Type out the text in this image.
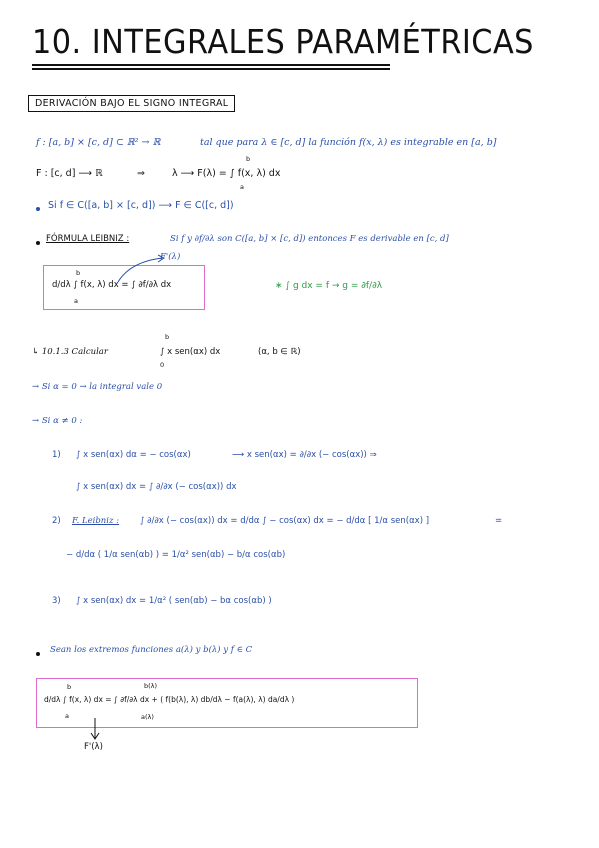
10. INTEGRALES PARAMÉTRICAS
DERIVACIÓN BAJO EL SIGNO INTEGRAL
f : [a, b] × [c, d] ⊂ ℝ² → ℝ	tal que para λ ∈ [c, d] la función f(x, λ) es integrable en [a, b]
F : [c, d] ⟶ ℝ	⇒	λ ⟶ F(λ) = ∫ f(x, λ) dx
b
a
Si f ∈ C([a, b] × [c, d]) ⟶ F ∈ C([c, d])
FÓRMULA LEIBNIZ :	Si f y ∂f/∂λ son C([a, b] × [c, d]) entonces F es derivable en [c, d]
F'(λ)
d/dλ ∫ f(x, λ) dx = ∫ ∂f/∂λ dx
b
a
∗ ∫ g dx = f → g = ∂f/∂λ
↳ 10.1.3 Calcular	∫ x sen(αx) dx
b
0
(α, b ∈ ℝ)
→ Si α = 0 → la integral vale 0
→ Si α ≠ 0 :
1) ∫ x sen(αx) dα = − cos(αx)	⟶ x sen(αx) = ∂/∂x (− cos(αx)) ⇒
∫ x sen(αx) dx = ∫ ∂/∂x (− cos(αx)) dx
2) F. Leibniz : ∫ ∂/∂x (− cos(αx)) dx = d/dα ∫ − cos(αx) dx = − d/dα [ 1/α sen(αx) ]	=
− d/dα ( 1/α sen(αb) ) = 1/α² sen(αb) − b/α cos(αb)
3) ∫ x sen(αx) dx = 1/α² ( sen(αb) − bα cos(αb) )
Sean los extremos funciones a(λ) y b(λ) y f ∈ C
d/dλ ∫ f(x, λ) dx = ∫ ∂f/∂λ dx + ( f(b(λ), λ) db/dλ − f(a(λ), λ) da/dλ )
b
a
b(λ)
a(λ)
F'(λ)
